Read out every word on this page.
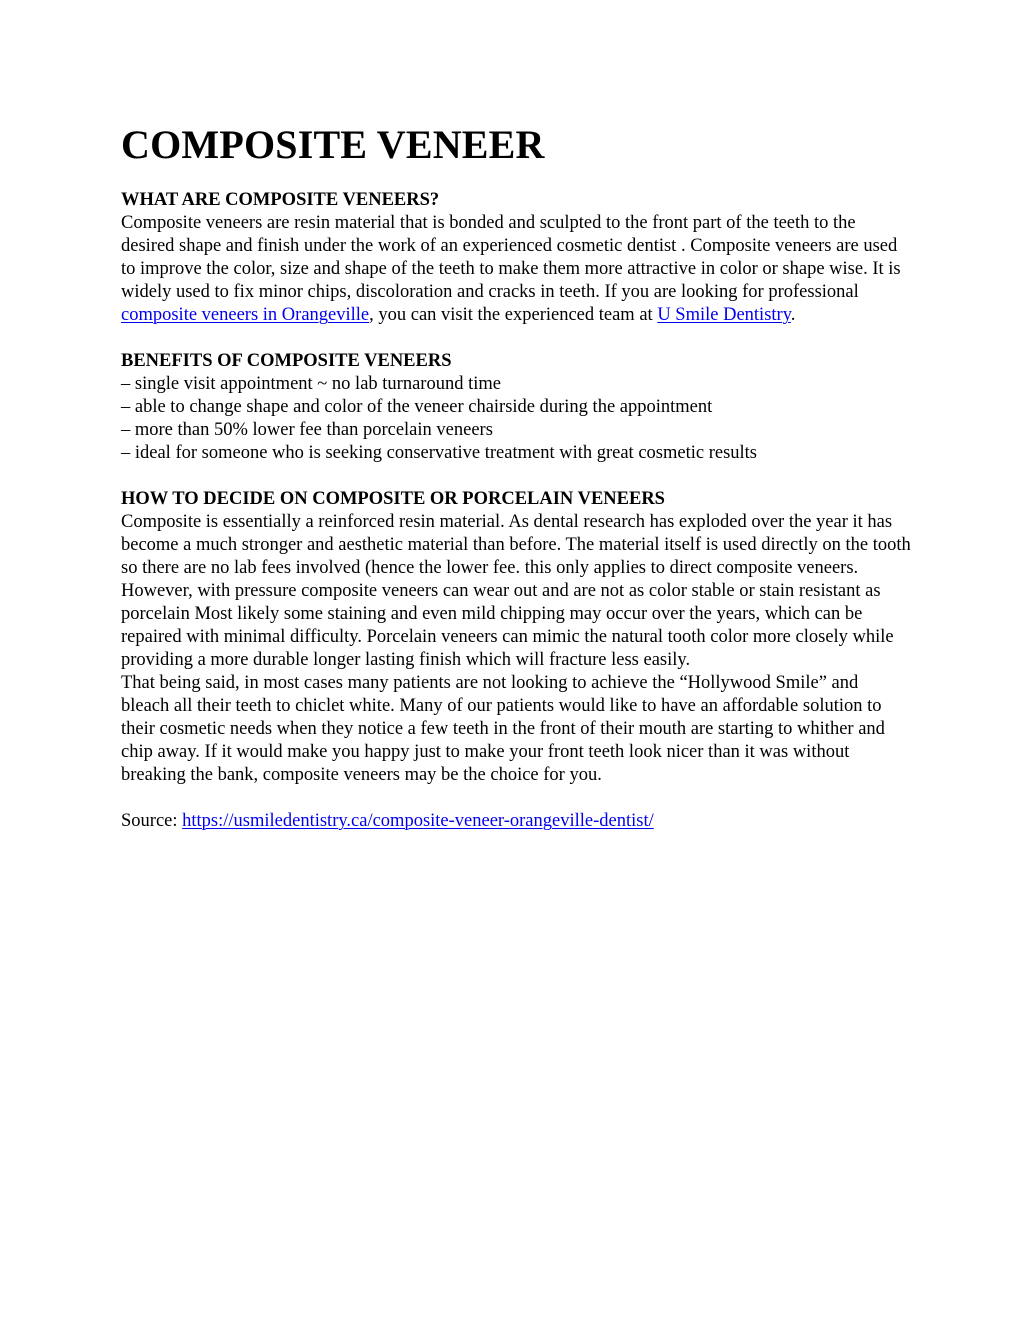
COMPOSITE VENEER

WHAT ARE COMPOSITE VENEERS?

Composite veneers are resin material that is bonded and sculpted to the front part of the teeth to the desired shape and finish under the work of an experienced cosmetic dentist . Composite veneers are used to improve the color, size and shape of the teeth to make them more attractive in color or shape wise. It is widely used to fix minor chips, discoloration and cracks in teeth. If you are looking for professional composite veneers in Orangeville, you can visit the experienced team at U Smile Dentistry.

BENEFITS OF COMPOSITE VENEERS

– single visit appointment ~ no lab turnaround time
– able to change shape and color of the veneer chairside during the appointment
– more than 50% lower fee than porcelain veneers
– ideal for someone who is seeking conservative treatment with great cosmetic results

HOW TO DECIDE ON COMPOSITE OR PORCELAIN VENEERS

Composite is essentially a reinforced resin material. As dental research has exploded over the year it has become a much stronger and aesthetic material than before. The material itself is used directly on the tooth so there are no lab fees involved (hence the lower fee. this only applies to direct composite veneers.

However, with pressure composite veneers can wear out and are not as color stable or stain resistant as porcelain Most likely some staining and even mild chipping may occur over the years, which can be repaired with minimal difficulty. Porcelain veneers can mimic the natural tooth color more closely while providing a more durable longer lasting finish which will fracture less easily.

That being said, in most cases many patients are not looking to achieve the “Hollywood Smile” and bleach all their teeth to chiclet white. Many of our patients would like to have an affordable solution to their cosmetic needs when they notice a few teeth in the front of their mouth are starting to whither and chip away. If it would make you happy just to make your front teeth look nicer than it was without breaking the bank, composite veneers may be the choice for you.

Source: https://usmiledentistry.ca/composite-veneer-orangeville-dentist/
